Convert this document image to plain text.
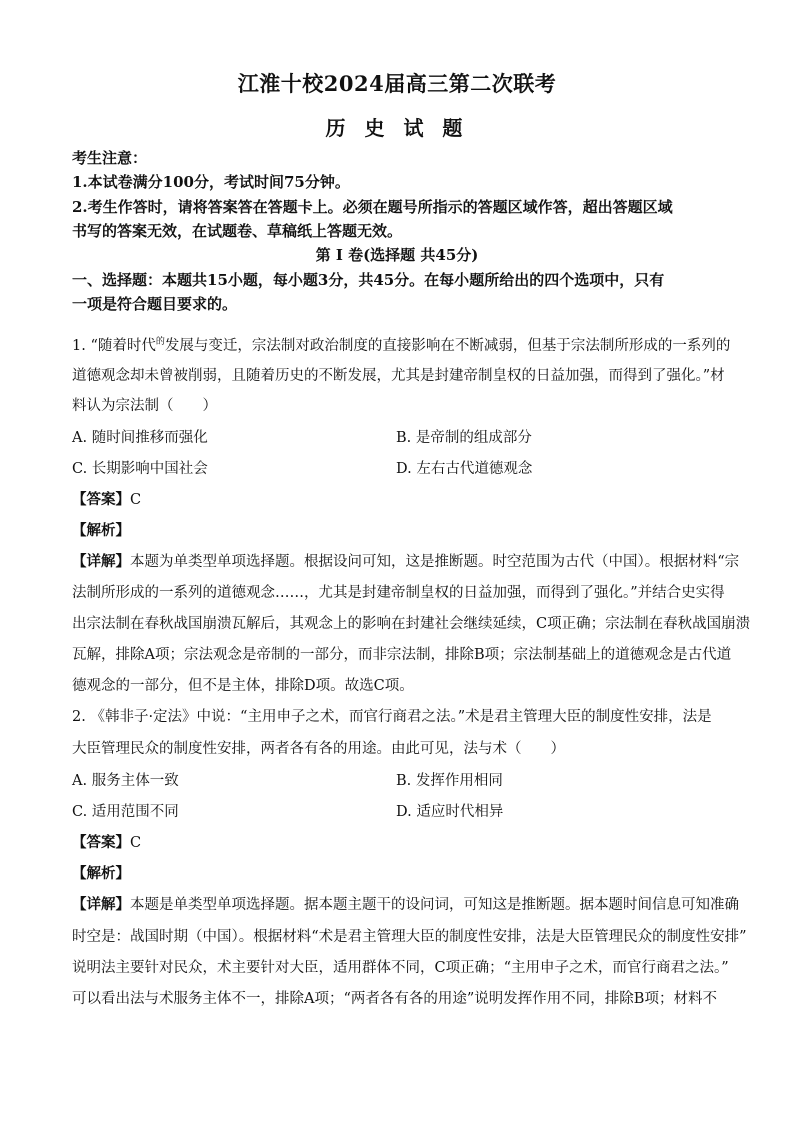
江淮十校2024届高三第二次联考
历 史 试 题
考生注意：
1.本试卷满分100分，考试时间75分钟。
2.考生作答时，请将答案答在答题卡上。必须在题号所指示的答题区域作答，超出答题区域
书写的答案无效，在试题卷、草稿纸上答题无效。
第 Ⅰ 卷(选择题 共45分)
一、选择题：本题共15小题，每小题3分，共45分。在每小题所给出的四个选项中，只有
一项是符合题目要求的。
1. “随着时代$^的$发展与变迁，宗法制对政治制度的直接影响在不断减弱，但基于宗法制所形成的一系列的
道德观念却未曾被削弱，且随着历史的不断发展，尤其是封建帝制皇权的日益加强，而得到了强化。”材
料认为宗法制（　　）
A. 随时间推移而强化	B. 是帝制的组成部分
C. 长期影响中国社会	D. 左右古代道德观念
【答案】C
【解析】
【详解】本题为单类型单项选择题。根据设问可知，这是推断题。时空范围为古代（中国）。根据材料“宗
法制所形成的一系列的道德观念……，尤其是封建帝制皇权的日益加强，而得到了强化。”并结合史实得
出宗法制在春秋战国崩溃瓦解后，其观念上的影响在封建社会继续延续，C项正确；宗法制在春秋战国崩溃
瓦解，排除A项；宗法观念是帝制的一部分，而非宗法制，排除B项；宗法制基础上的道德观念是古代道
德观念的一部分，但不是主体，排除D项。故选C项。
2. 《韩非子·定法》中说：“主用申子之术，而官行商君之法。”术是君主管理大臣的制度性安排，法是
大臣管理民众的制度性安排，两者各有各的用途。由此可见，法与术（　　）
A. 服务主体一致	B. 发挥作用相同
C. 适用范围不同	D. 适应时代相异
【答案】C
【解析】
【详解】本题是单类型单项选择题。据本题主题干的设问词，可知这是推断题。据本题时间信息可知准确
时空是：战国时期（中国）。根据材料“术是君主管理大臣的制度性安排，法是大臣管理民众的制度性安排”
说明法主要针对民众，术主要针对大臣，适用群体不同，C项正确；“主用申子之术，而官行商君之法。”
可以看出法与术服务主体不一，排除A项；“两者各有各的用途”说明发挥作用不同，排除B项；材料不
